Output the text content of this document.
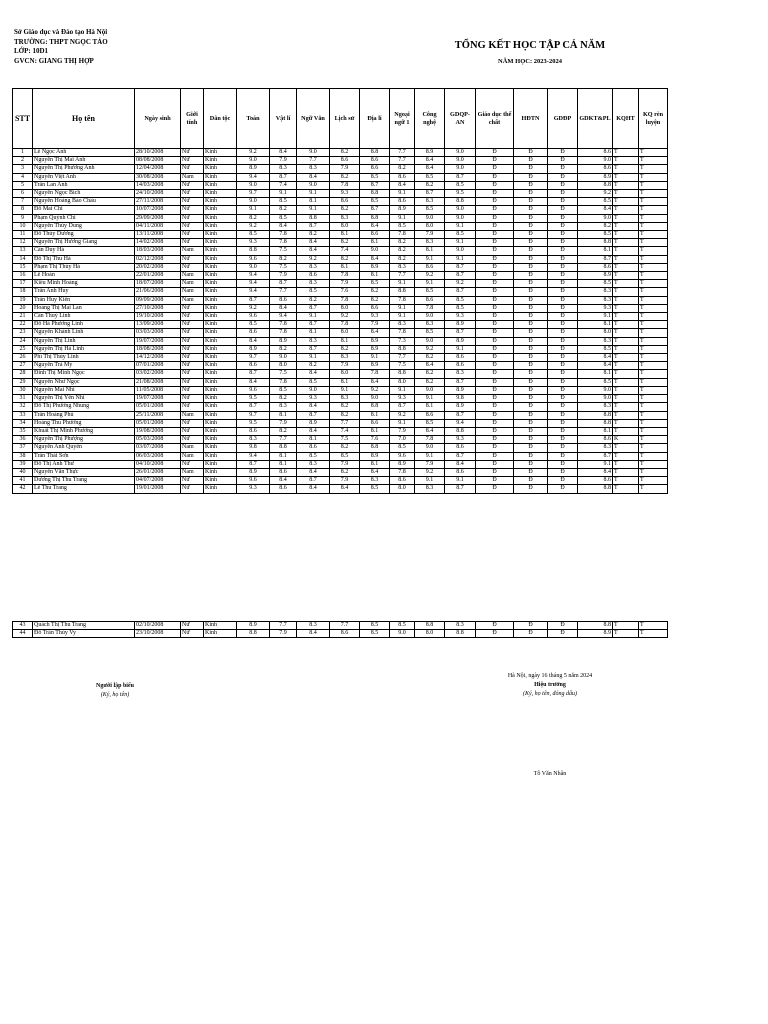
Sở Giáo dục và Đào tạo Hà Nội
TRƯỜNG: THPT NGỌC TẢO
LỚP: 10D1
GVCN: GIANG THỊ HỢP
TỔNG KẾT HỌC TẬP CẢ NĂM
NĂM HỌC: 2023-2024
STT	Họ tên	Ngày sinh	Giới tính	Dân tộc	Toán	Vật lí	Ngữ Văn	Lịch sử	Địa lí	Ngoại ngữ 1	Công nghệ	GDQP-AN	Giáo dục thể chất	HĐTN	GDĐP	GDKT&PL	KQHT	KQ rèn luyện
1	Lê Ngọc Anh	28/10/2008	Nữ	Kinh	9.2	8.4	9.0	8.2	8.8	7.7	8.9	9.0	Đ	Đ	Đ	8.6	T	T
2	Nguyễn Thị Mai Anh	08/08/2008	Nữ	Kinh	9.0	7.9	7.7	8.6	8.6	7.7	8.4	9.0	Đ	Đ	Đ	9.0	T	T
3	Nguyễn Thị Phương Anh	12/04/2008	Nữ	Kinh	8.9	8.3	8.3	7.9	8.6	8.2	8.4	9.0	Đ	Đ	Đ	8.6	T	T
4	Nguyễn Việt Anh	30/08/2008	Nam	Kinh	9.4	8.7	8.4	8.2	8.5	8.6	8.5	8.7	Đ	Đ	Đ	8.9	T	T
5	Trần Lan Anh	14/03/2008	Nữ	Kinh	9.0	7.4	9.0	7.8	8.7	8.4	8.2	8.5	Đ	Đ	Đ	8.8	T	T
6	Nguyễn Ngọc Bích	24/10/2008	Nữ	Kinh	9.7	9.1	9.1	9.3	8.8	9.1	8.7	9.5	Đ	Đ	Đ	9.2	T	T
7	Nguyễn Hoàng Bảo Châu	27/11/2008	Nữ	Kinh	9.0	8.5	8.1	8.6	8.5	8.6	8.3	8.8	Đ	Đ	Đ	8.5	T	T
8	Đỗ Mai Chi	10/07/2008	Nữ	Kinh	9.1	8.2	9.1	8.2	8.7	8.9	8.5	9.0	Đ	Đ	Đ	8.4	T	T
9	Phạm Quỳnh Chi	29/09/2008	Nữ	Kinh	8.2	8.5	8.8	8.3	8.8	9.1	9.0	9.0	Đ	Đ	Đ	9.0	T	T
10	Nguyễn Thùy Dung	04/11/2008	Nữ	Kinh	9.2	8.4	8.7	8.0	8.4	8.5	8.0	9.1	Đ	Đ	Đ	8.2	T	T
11	Đỗ Thùy Dương	13/11/2008	Nữ	Kinh	8.5	7.8	8.2	8.1	8.6	7.8	7.9	8.5	Đ	Đ	Đ	8.5	T	T
12	Nguyễn Thị Hương Giang	14/02/2008	Nữ	Kinh	9.3	7.8	8.4	8.2	8.1	8.2	8.3	9.1	Đ	Đ	Đ	8.8	T	T
13	Cấn Duy Hà	18/03/2008	Nam	Kinh	8.8	7.5	8.4	7.4	9.0	8.2	8.1	9.0	Đ	Đ	Đ	8.1	T	T
14	Đỗ Thị Thu Hà	02/12/2008	Nữ	Kinh	9.6	8.2	9.2	8.2	8.4	8.2	9.1	9.1	Đ	Đ	Đ	8.7	T	T
15	Phạm Thị Thúy Hà	20/02/2008	Nữ	Kinh	9.0	7.5	8.3	8.1	8.9	8.3	8.6	8.7	Đ	Đ	Đ	8.6	T	T
16	Lê Hoàn	22/01/2008	Nam	Kinh	9.4	7.9	8.6	7.8	8.1	7.7	9.2	8.7	Đ	Đ	Đ	8.9	T	T
17	Kiều Minh Hoàng	18/07/2008	Nam	Kinh	9.4	8.7	8.3	7.9	8.5	9.1	9.1	9.2	Đ	Đ	Đ	8.5	T	T
18	Trần Anh Huy	21/06/2008	Nam	Kinh	9.4	7.7	8.5	7.6	8.2	8.8	8.5	8.7	Đ	Đ	Đ	8.3	T	T
19	Trần Huy Kiên	09/09/2008	Nam	Kinh	8.7	8.6	8.2	7.8	8.2	7.8	8.6	8.5	Đ	Đ	Đ	8.3	T	T
20	Hoàng Thị Mai Lan	27/10/2008	Nữ	Kinh	9.2	8.4	8.7	8.0	8.6	9.1	7.8	8.5	Đ	Đ	Đ	9.3	T	T
21	Cấn Thuỳ Linh	19/10/2008	Nữ	Kinh	9.6	9.4	9.1	9.2	9.3	9.1	9.0	9.3	Đ	Đ	Đ	9.1	T	T
22	Đỗ Hà Phương Linh	13/09/2008	Nữ	Kinh	8.5	7.8	8.7	7.8	7.9	8.3	8.3	8.9	Đ	Đ	Đ	8.1	T	T
23	Nguyễn Khánh Linh	03/03/2008	Nữ	Kinh	8.6	7.8	8.1	8.0	8.4	7.8	8.5	8.7	Đ	Đ	Đ	8.0	T	T
24	Nguyễn Thị Linh	19/07/2008	Nữ	Kinh	8.4	8.9	8.3	8.1	8.9	7.3	9.0	8.9	Đ	Đ	Đ	8.3	T	T
25	Nguyễn Thị Hà Linh	18/08/2008	Nữ	Kinh	8.9	8.2	8.7	8.2	8.9	8.8	9.2	9.1	Đ	Đ	Đ	8.5	T	T
26	Phí Thị Thùy Linh	14/12/2008	Nữ	Kinh	9.7	9.0	9.1	8.3	9.1	7.7	8.2	8.6	Đ	Đ	Đ	8.4	T	T
27	Nguyễn Trà My	07/01/2008	Nữ	Kinh	8.6	8.0	8.2	7.9	8.9	7.5	8.4	8.6	Đ	Đ	Đ	8.4	T	T
28	Đinh Thị Minh Ngọc	03/02/2008	Nữ	Kinh	8.7	7.5	8.4	8.0	7.8	8.8	8.2	8.3	Đ	Đ	Đ	8.1	T	T
29	Nguyễn Như Ngọc	21/08/2008	Nữ	Kinh	8.4	7.8	8.5	8.1	8.4	8.0	8.2	8.7	Đ	Đ	Đ	8.5	T	T
30	Nguyễn Mai Nhi	11/05/2008	Nữ	Kinh	9.6	8.5	9.0	9.1	9.2	9.1	9.0	8.9	Đ	Đ	Đ	9.0	T	T
31	Nguyễn Thị Yến Nhi	19/07/2008	Nữ	Kinh	9.5	8.2	9.3	8.3	9.0	9.3	9.1	9.8	Đ	Đ	Đ	9.0	T	T
32	Đỗ Thị Phương Nhung	05/01/2008	Nữ	Kinh	8.7	8.3	8.4	8.2	8.8	8.7	8.1	8.9	Đ	Đ	Đ	8.3	T	T
33	Trần Hoàng Phú	25/11/2008	Nam	Kinh	9.7	8.1	8.7	8.2	8.1	9.2	8.6	8.7	Đ	Đ	Đ	8.8	T	T
34	Hoàng Thu Phương	05/01/2008	Nữ	Kinh	9.5	7.9	8.9	7.7	8.6	9.1	8.5	9.4	Đ	Đ	Đ	8.8	T	T
35	Khuất Thị Minh Phương	19/08/2008	Nữ	Kinh	8.6	8.2	8.4	7.4	8.1	7.9	8.4	8.8	Đ	Đ	Đ	8.1	T	T
36	Nguyễn Thị Phượng	05/03/2008	Nữ	Kinh	8.3	7.7	8.1	7.5	7.6	7.0	7.8	9.3	Đ	Đ	Đ	8.6	K	T
37	Nguyễn Anh Quyền	03/07/2008	Nam	Kinh	9.8	8.8	8.6	8.2	8.8	8.5	9.0	8.6	Đ	Đ	Đ	8.3	T	T
38	Trần Thái Sơn	06/03/2008	Nam	Kinh	9.4	8.1	8.5	8.5	8.9	9.6	9.1	8.7	Đ	Đ	Đ	8.7	T	T
39	Đỗ Thị Anh Thư	04/10/2008	Nữ	Kinh	8.7	8.1	8.3	7.9	8.1	8.9	7.9	8.4	Đ	Đ	Đ	9.1	T	T
40	Nguyễn Văn Thực	26/01/2008	Nam	Kinh	8.9	8.6	8.4	8.2	8.4	7.8	9.2	8.6	Đ	Đ	Đ	8.4	T	T
41	Dương Thị Thu Trang	04/07/2008	Nữ	Kinh	9.6	8.4	8.7	7.9	8.3	8.6	9.1	9.1	Đ	Đ	Đ	8.6	T	T
42	Lê Thu Trang	19/01/2008	Nữ	Kinh	9.3	8.6	8.4	8.4	8.5	8.0	8.3	8.7	Đ	Đ	Đ	8.8	T	T
43	Quách Thị Thu Trang	02/10/2008	Nữ	Kinh	8.9	7.7	8.3	7.7	8.5	8.5	8.8	8.3	Đ	Đ	Đ	8.8	T	T
44	Đỗ Trần Thùy Vy	23/10/2008	Nữ	Kinh	8.8	7.9	8.4	8.6	8.5	9.0	8.0	8.8	Đ	Đ	Đ	8.9	T	T
Hà Nội, ngày 16 tháng 5 năm 2024
Hiệu trưởng
(Ký, họ tên, đóng dấu)
Tô Văn Nhân
Người lập biểu
(Ký, họ tên)
